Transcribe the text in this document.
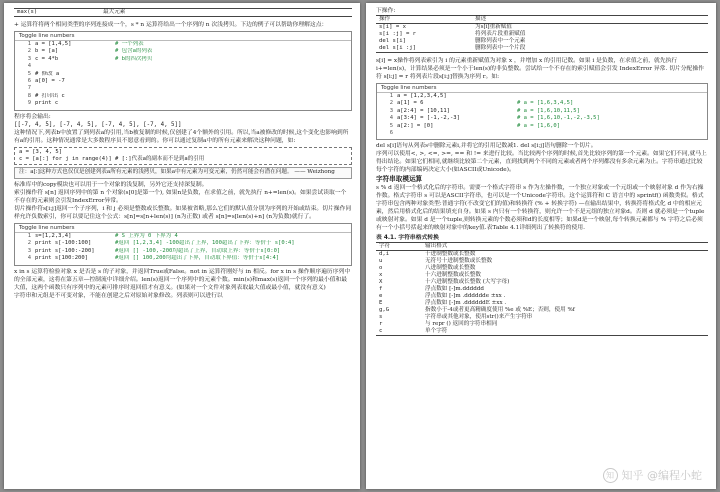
max(s)	最大元素

+ 运算符将两个相同类型的序列连接成一个，s * n 运算符给出一个序列的 n 次浅拷贝。下边的例子可以帮助你理解这点：

Toggle line numbers
1 a = [1,4,5]	# 一个列表
2 b = [a]	# 包含a的列表
3 c = 4*b	# b的四次拷贝
4
5 # 修改 a
6 a[0] = -7
7
8 # 打印出 c
9 print c

程序将会输出:

[[-7, 4, 5], [-7, 4, 5], [-7, 4, 5], [-7, 4, 5]]

这种情况下,列表b中放置了到列表a的引用,当b被复制的时候,仅创建了4个额外的引用。所以,当a被修改的时候,这个变化也影响到所有a的引用。这种情况通常是大多数程序员不愿意看到的。你可以通过复制a中的所有元素来解决这种问题，如:

a = [3, 4, 5]
c = [a[:] for j in range(4)] # [:]代表a的副本而不是到a的引用
注：a[:]这种方式也仅仅是创建列表a所有元素的浅拷贝，如果a中有元素为可变元素，仍然可能会有潜在问题。 —— Weizhong

标准库中的copy模块也可以用于一个对象的浅复制，另外它还支持深复制。

索引操作符 s[n] 返回序列中的第 n 个对象(s[0]是第一个), 如果n是负数，在求值之前，就先执行 n+=len(s)。如果尝试读取一个不存在的元素则会引发IndexError异常。

切片操作符s[i:j]返回一个子序列，i 和 j 必须是整数或长整数。如果被省略,那么它们的默认值分别为序列的开始或结束。切片操作同样允许负数索引，你可以要记住这个公式：s[n]=s[n+len(s)] (n为正数) 或者 s[n]=s[len(s)+n] (n为负数)就行了。

Toggle line numbers
1 s=[1,2,3,4]	# S 上界为 0 下界为 4
2 print s[-100:100]	#返回 [1,2,3,4] -100超出了上界，100超出了下界：等价于 s[0:4]
3 print s[-100:-200]	#返回 [] -100,-200均超出了上界，自动取上界：等价于s[0:0]
4 print s[100:200]	#返回 [] 100,200均超出了下界，自动取下界值：等价于s[4:4]

x in s 运算符检验对象 x 是否是 s 的子对象，并返回True或False。not in 运算符刚好与 in 相反。for x in s 操作顺序遍历序列中的全部元素，这将在第五章—控制流中详细介绍。len(s)返回一个序列中的元素个数。min(s)和max(s)返回一个序列的最小值和最大值，这两个函数只有序列中的元素可排序时返回值才有意义。(如果对一个文件对象列表取最大值或最小值，就没有意义)

字符串和元组是不可变对象，不能在创建之后对原始对象修改。列表则可以进行以

下操作:

操作	描述
s[i] = x	为s[i]重新赋值
s[i :j] = r	将列表片段重新赋值
del s[i]	删除列表中一个元素
del s[i :j]	删除列表中一个片段

s[i] = x操作将列表索引为 i 的元素重新赋值为对象 x ，并增加 x 的引用记数。如果 i 是负数，在求值之前，就先执行 i+=len(s)，计算结果必须是一个小于len(s)的非负整数。尝试给一个不存在的索引赋值会引发 IndexError 异常. 切片分配操作符 s[i:j] = r 将列表片段s[i:j]替换为序列 r。如:

Toggle line numbers
1 a = [1,2,3,4,5]
2 a[1] = 6	# a = [1,6,3,4,5]
3 a[2:4] = [10,11]	# a = [1,6,10,11,5]
4 a[3:4] = [-1,-2,-3]	# a = [1,6,10,-1,-2,-3,5]
5 a[2:] = [0]	# a = [1,6,0]
6

del s[i]语句从列表s中删除元素i,并将它的引用记数减1. del s[i:j]语句删除一个切片。

序列可以使用<, >, <=, >=, == 和 != 来进行比较。当比较两个序列的时候,首先比较序列的第一个元素。如果它们不同,就马上得出结论。如果它们相同,就继续比较第二个元素，直到找到两个不同的元素或者两个序列都没有多余元素为止。字符串通过比较每个字符的内部编码决定大小(如ASCII或Unicode)。

字符串取模运算

s % d 返回一个格式化后的字符串。需要一个格式字符串 s 作为左操作数，一个独立对象或一个元组或一个映射对象 d 作为右操作数。格式字符串 s 可以是ASCII字符串，也可以是一个Unicode字符串。这个运算符和 C 语言中的 sprintf() 函数类似。格式字符串包含两种对象类型:普通字符(不改变它们的值)和转换符 (% + 转换字符) —在输出结果中，转换符将格式化 d 中的相应元素，然后用格式化后的结果填充自身。如果 s 内只有一个转换符，则允许一个不是元组的独立对象d。否则 d 就必须是一个tuple或映射对象。如果 d 是一个tuple,则转换元素的个数必须和d的长度相等；如果d是一个映射,每个转换元素都与 % 字符之后必须有一个小括号括起来的映射对象中的key值.表Table 4.1详细列出了转换符的使用.

表 4.1. 字符串格式转换

字符	输出格式
d,i	十进制整数或长整数
u	无符号十进制整数或长整数
o	八进制整数或长整数
x	十六进制整数或长整数
X	十六进制整数或长整数 (大写字母)
f	浮点数如 [-]m.dddddd
e	浮点数如 [-]m .dddddde ±xx .
E	浮点数如 [-]m .ddddddE ±xx .
g,G	指数小于-4或者更高精确度使用 %e 或 %E；否则，使用 %f
s	字符串或其他对象，使用str()来产生字符串
r	与 repr () 返回的字符串相同
c	单个字符
知 知乎 @编程小蛇
